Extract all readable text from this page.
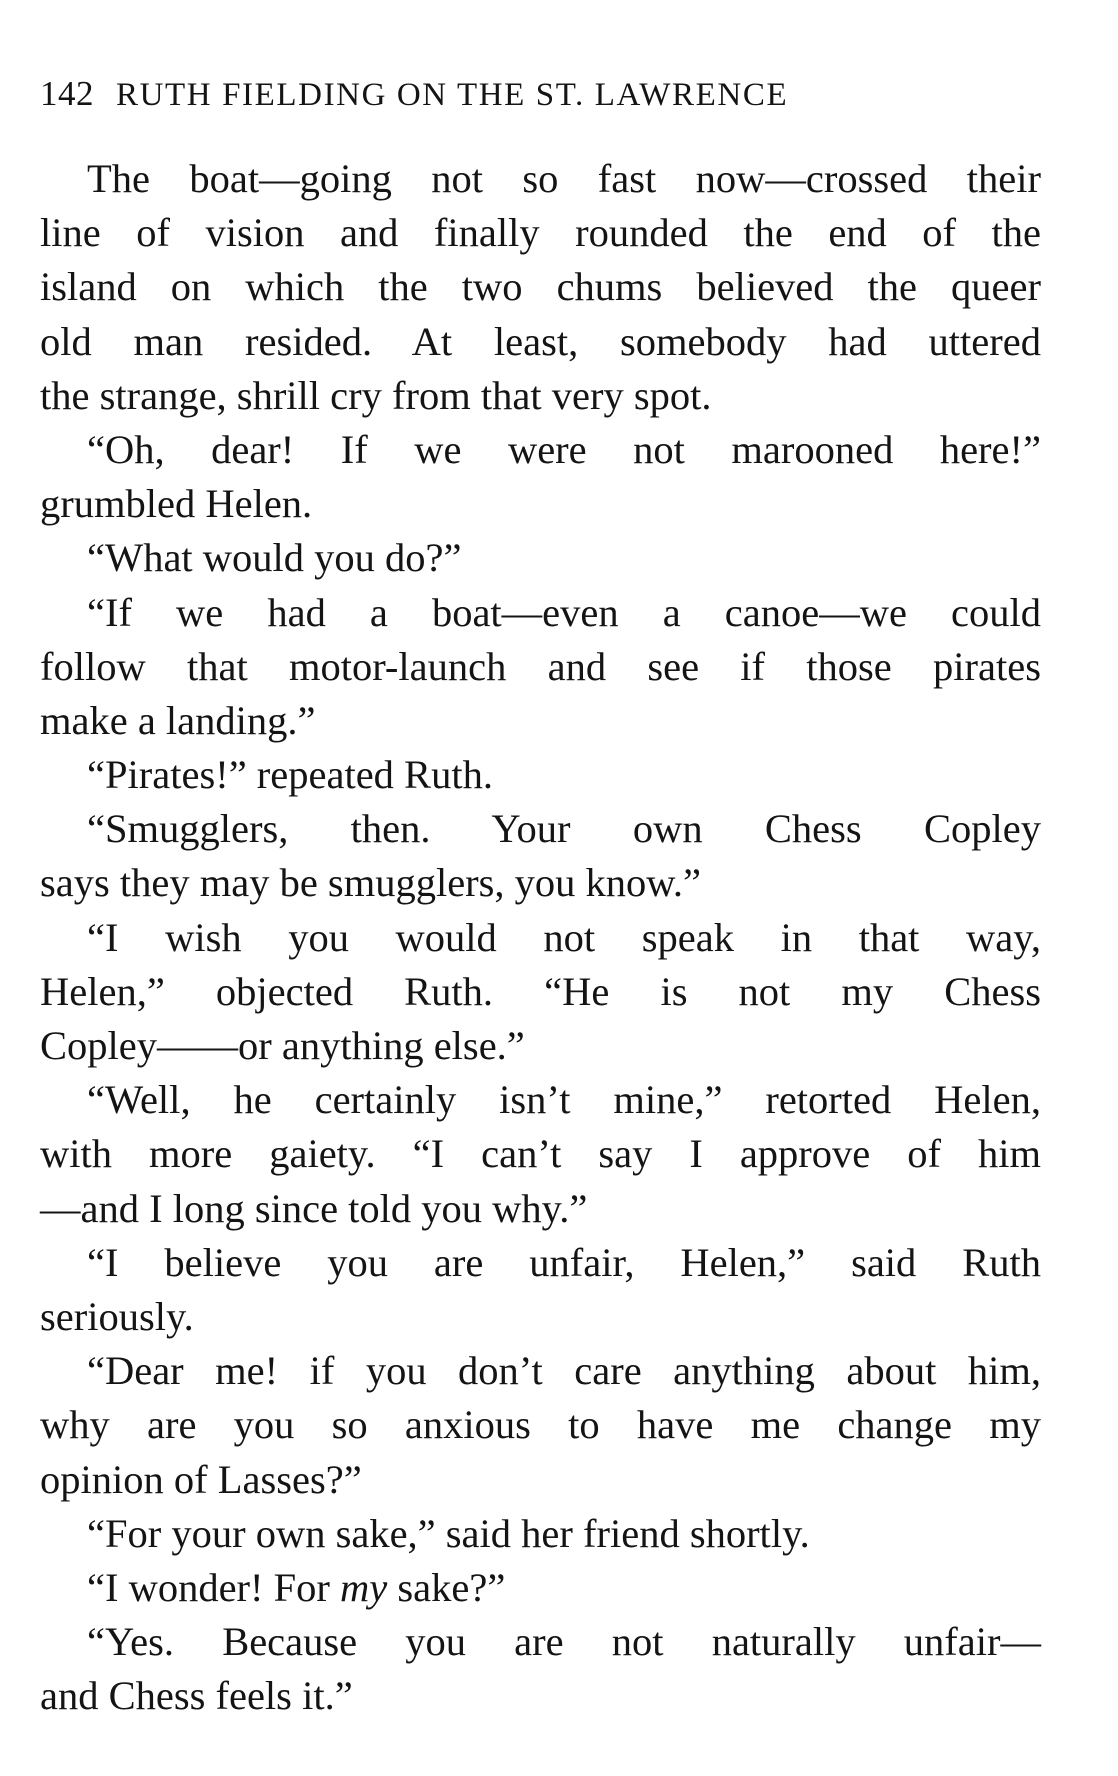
142 RUTH FIELDING ON THE ST. LAWRENCE
The boat—going not so fast now—crossed their
line of vision and finally rounded the end of the
island on which the two chums believed the queer
old man resided. At least, somebody had uttered
the strange, shrill cry from that very spot.
“Oh, dear! If we were not marooned here!”
grumbled Helen.
“What would you do?”
“If we had a boat—even a canoe—we could
follow that motor-launch and see if those pirates
make a landing.”
“Pirates!” repeated Ruth.
“Smugglers, then. Your own Chess Copley
says they may be smugglers, you know.”
“I wish you would not speak in that way,
Helen,” objected Ruth. “He is not my Chess
Copley——or anything else.”
“Well, he certainly isn’t mine,” retorted Helen,
with more gaiety. “I can’t say I approve of him
—and I long since told you why.”
“I believe you are unfair, Helen,” said Ruth
seriously.
“Dear me! if you don’t care anything about him,
why are you so anxious to have me change my
opinion of Lasses?”
“For your own sake,” said her friend shortly.
“I wonder! For my sake?”
“Yes. Because you are not naturally unfair—
and Chess feels it.”
